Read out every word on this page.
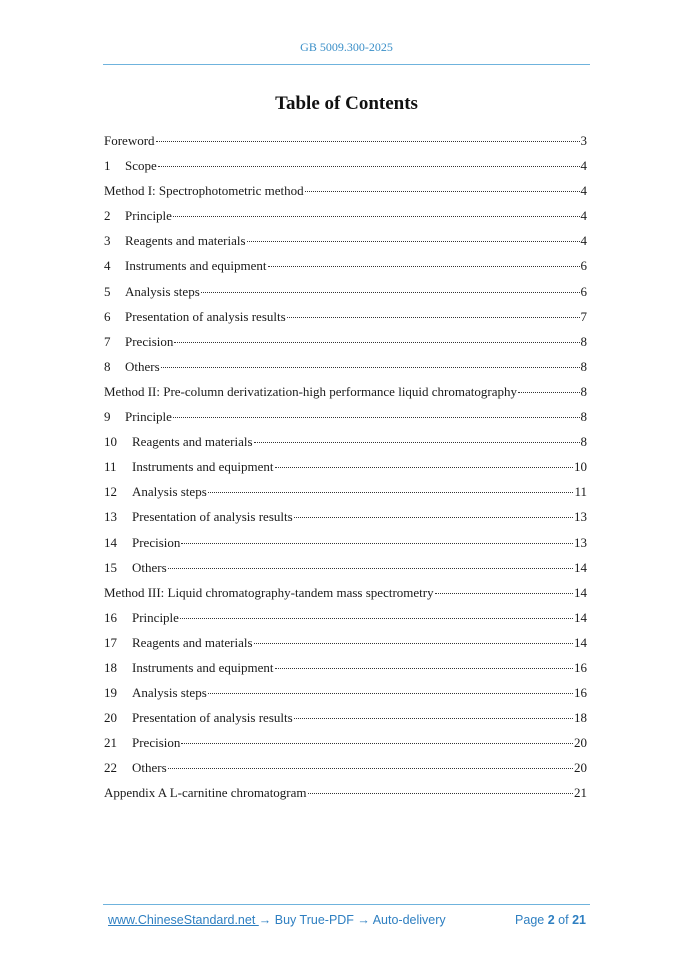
GB 5009.300-2025
Table of Contents
Foreword	3
1	Scope	4
Method I: Spectrophotometric method	4
2	Principle	4
3	Reagents and materials	4
4	Instruments and equipment	6
5	Analysis steps	6
6	Presentation of analysis results	7
7	Precision	8
8	Others	8
Method II: Pre-column derivatization-high performance liquid chromatography	8
9	Principle	8
10	Reagents and materials	8
11	Instruments and equipment	10
12	Analysis steps	11
13	Presentation of analysis results	13
14	Precision	13
15	Others	14
Method III: Liquid chromatography-tandem mass spectrometry	14
16	Principle	14
17	Reagents and materials	14
18	Instruments and equipment	16
19	Analysis steps	16
20	Presentation of analysis results	18
21	Precision	20
22	Others	20
Appendix A L-carnitine chromatogram	21
www.ChineseStandard.net → Buy True-PDF → Auto-delivery	Page 2 of 21
